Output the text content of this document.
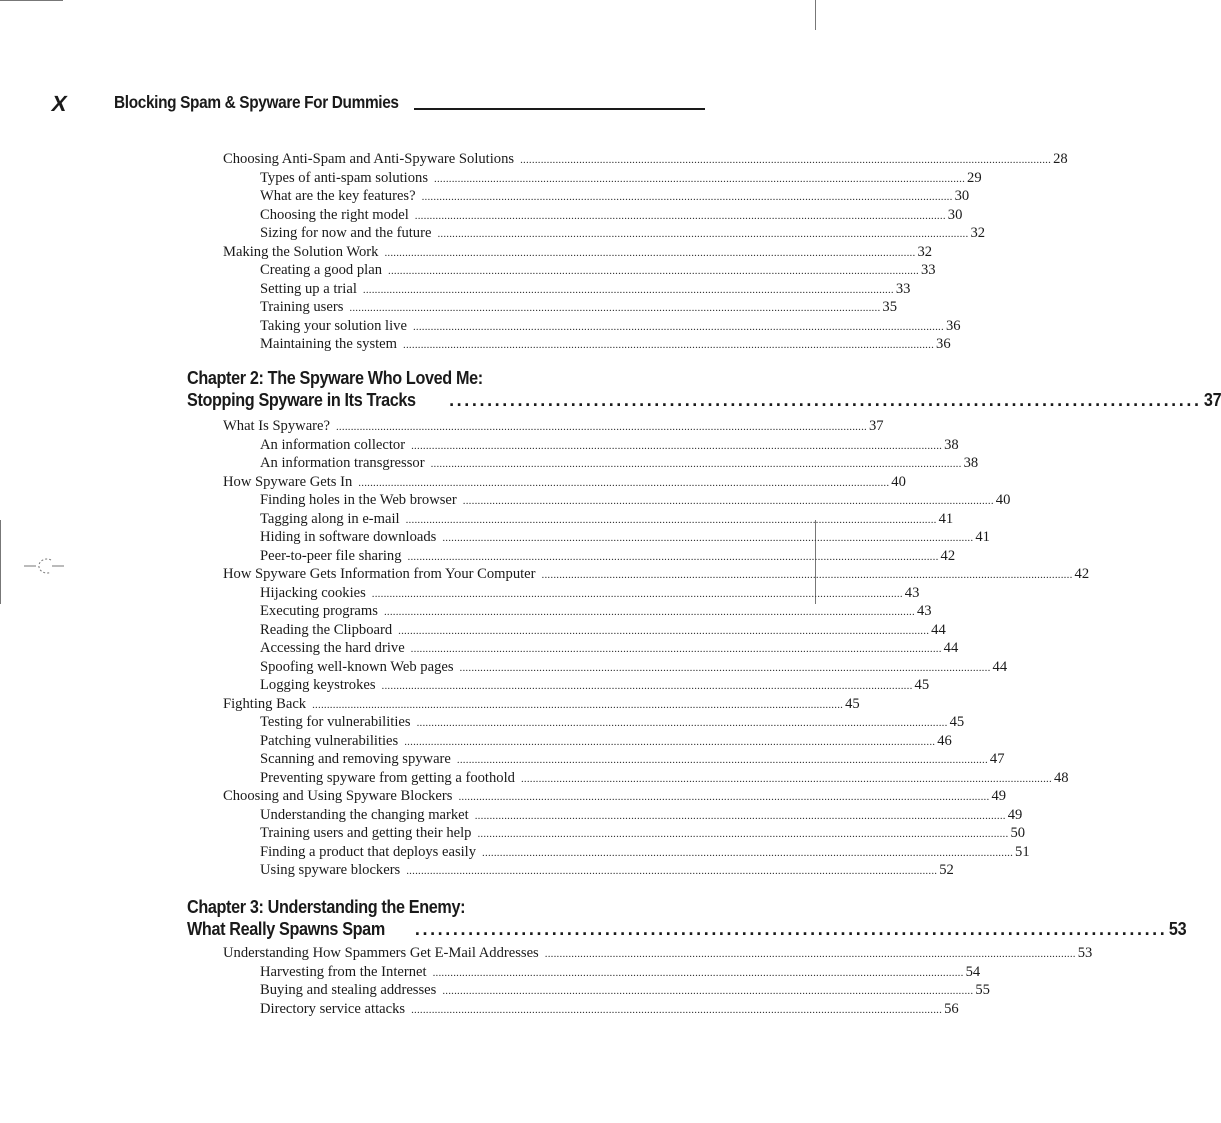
X	Blocking Spam & Spyware For Dummies
Choosing Anti-Spam and Anti-Spyware Solutions .................................................................................................................................................................................... 28
Types of anti-spam solutions .................................................................................................................................................................................... 29
What are the key features? .................................................................................................................................................................................... 30
Choosing the right model .................................................................................................................................................................................... 30
Sizing for now and the future .................................................................................................................................................................................... 32
Making the Solution Work .................................................................................................................................................................................... 32
Creating a good plan .................................................................................................................................................................................... 33
Setting up a trial .................................................................................................................................................................................... 33
Training users .................................................................................................................................................................................... 35
Taking your solution live .................................................................................................................................................................................... 36
Maintaining the system .................................................................................................................................................................................... 36
Chapter 2: The Spyware Who Loved Me:
Stopping Spyware in Its Tracks ................................................................................................... 37
What Is Spyware? .................................................................................................................................................................................... 37
An information collector .................................................................................................................................................................................... 38
An information transgressor .................................................................................................................................................................................... 38
How Spyware Gets In .................................................................................................................................................................................... 40
Finding holes in the Web browser .................................................................................................................................................................................... 40
Tagging along in e-mail .................................................................................................................................................................................... 41
Hiding in software downloads .................................................................................................................................................................................... 41
Peer-to-peer file sharing .................................................................................................................................................................................... 42
How Spyware Gets Information from Your Computer .................................................................................................................................................................................... 42
Hijacking cookies .................................................................................................................................................................................... 43
Executing programs .................................................................................................................................................................................... 43
Reading the Clipboard .................................................................................................................................................................................... 44
Accessing the hard drive .................................................................................................................................................................................... 44
Spoofing well-known Web pages .................................................................................................................................................................................... 44
Logging keystrokes .................................................................................................................................................................................... 45
Fighting Back .................................................................................................................................................................................... 45
Testing for vulnerabilities .................................................................................................................................................................................... 45
Patching vulnerabilities .................................................................................................................................................................................... 46
Scanning and removing spyware .................................................................................................................................................................................... 47
Preventing spyware from getting a foothold .................................................................................................................................................................................... 48
Choosing and Using Spyware Blockers .................................................................................................................................................................................... 49
Understanding the changing market .................................................................................................................................................................................... 49
Training users and getting their help .................................................................................................................................................................................... 50
Finding a product that deploys easily .................................................................................................................................................................................... 51
Using spyware blockers .................................................................................................................................................................................... 52
Chapter 3: Understanding the Enemy:
What Really Spawns Spam ................................................................................................... 53
Understanding How Spammers Get E-Mail Addresses .................................................................................................................................................................................... 53
Harvesting from the Internet .................................................................................................................................................................................... 54
Buying and stealing addresses .................................................................................................................................................................................... 55
Directory service attacks .................................................................................................................................................................................... 56
